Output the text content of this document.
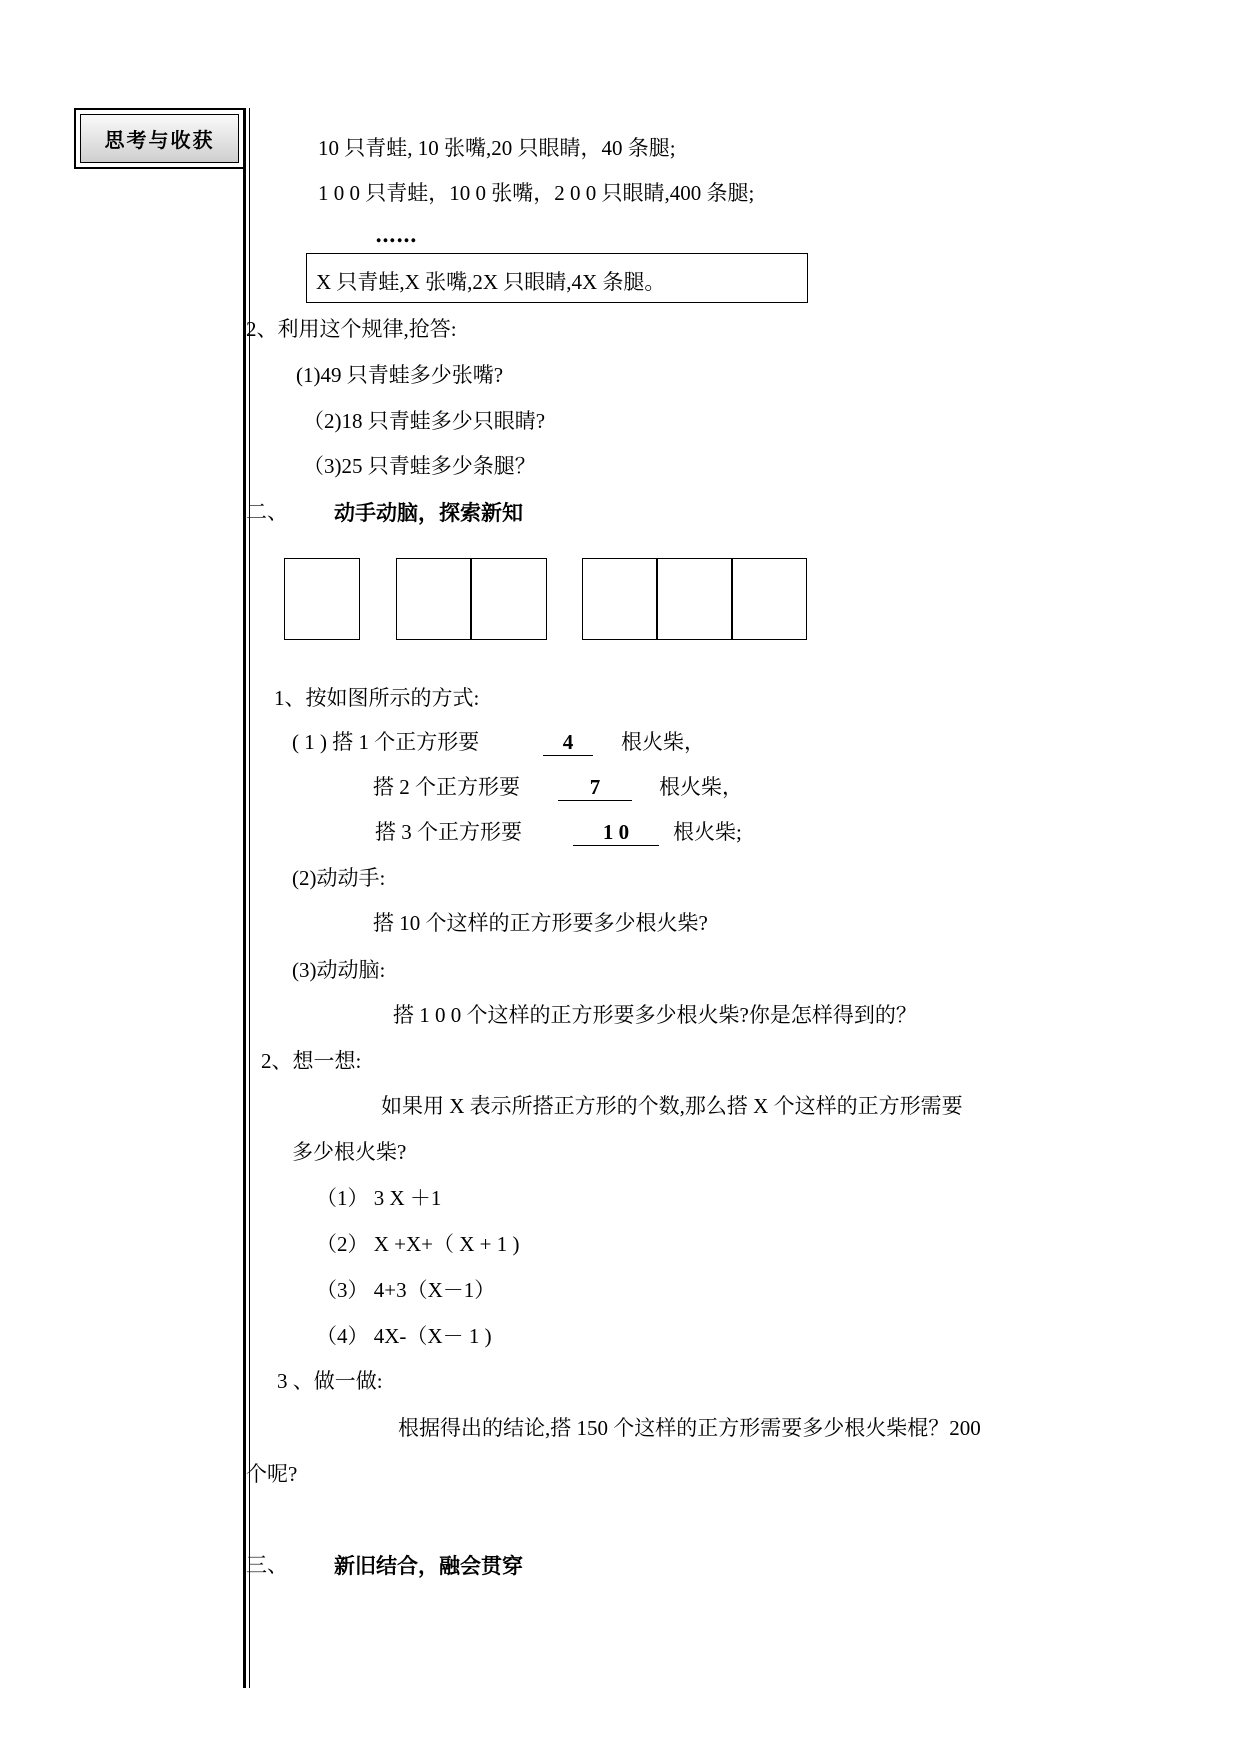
思考与收获	10 只青蛙, 10 张嘴,20 只眼睛，40 条腿;
1 0 0 只青蛙，10 0 张嘴，2 0 0 只眼睛,400 条腿;
……
X 只青蛙,X 张嘴,2X 只眼睛,4X 条腿。
2、利用这个规律,抢答:
(1)49 只青蛙多少张嘴?
（2)18 只青蛙多少只眼睛?
（3)25 只青蛙多少条腿？
二、 动手动脑，探索新知
1、按如图所示的方式:
( 1 ) 搭 1 个正方形要	4	根火柴，
搭 2 个正方形要	7	根火柴，
搭 3 个正方形要	1 0	根火柴;
(2)动动手:
搭 10 个这样的正方形要多少根火柴?
(3)动动脑:
搭 1 0 0 个这样的正方形要多少根火柴?你是怎样得到的？
2、想一想:
如果用 X 表示所搭正方形的个数,那么搭 X 个这样的正方形需要
多少根火柴?
（1） 3 X ＋1
（2） X +X+（ X + 1 )
（3） 4+3（X－1）
（4） 4X-（X－ 1 )
3 、做一做:
根据得出的结论,搭 150 个这样的正方形需要多少根火柴棍？200
个呢?
三、 新旧结合，融会贯穿
